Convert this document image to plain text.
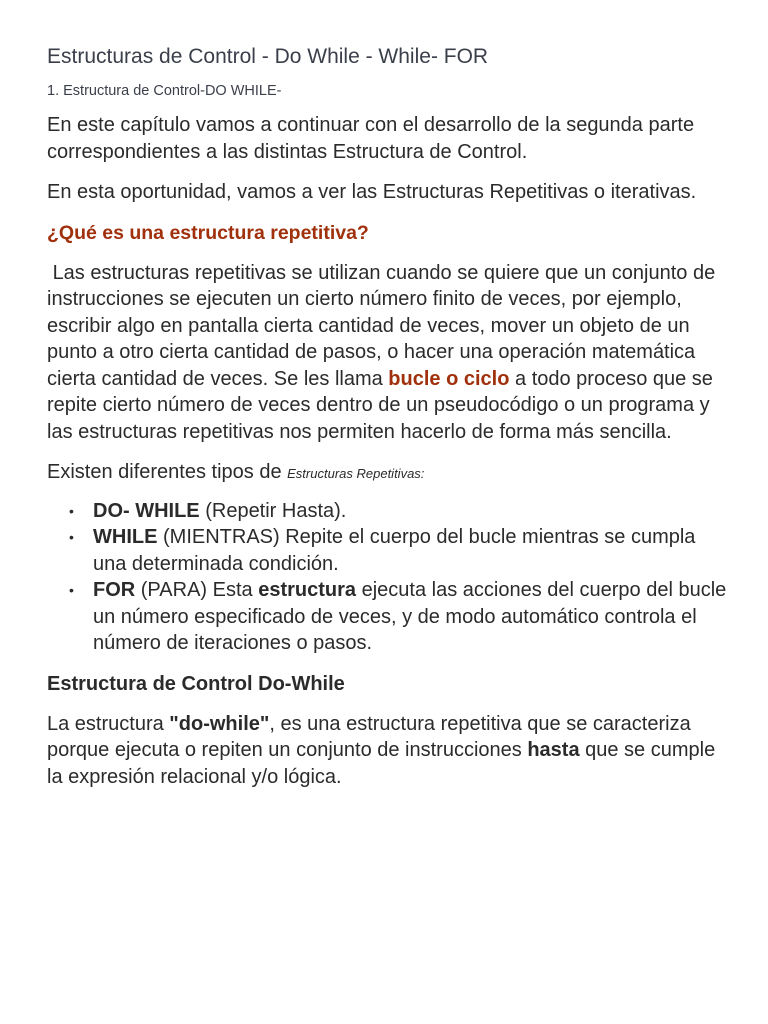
Estructuras de Control - Do While - While- FOR
1. Estructura de Control-DO WHILE-

En este capítulo vamos a continuar con el desarrollo de la segunda parte correspondientes a las distintas Estructura de Control.

En esta oportunidad, vamos a ver las Estructuras Repetitivas o iterativas.

¿Qué es una estructura repetitiva?

Las estructuras repetitivas se utilizan cuando se quiere que un conjunto de instrucciones se ejecuten un cierto número finito de veces, por ejemplo, escribir algo en pantalla cierta cantidad de veces, mover un objeto de un punto a otro cierta cantidad de pasos, o hacer una operación matemática cierta cantidad de veces. Se les llama bucle o ciclo a todo proceso que se repite cierto número de veces dentro de un pseudocódigo o un programa y las estructuras repetitivas nos permiten hacerlo de forma más sencilla.

Existen diferentes tipos de Estructuras Repetitivas:

• DO- WHILE (Repetir Hasta).
• WHILE (MIENTRAS) Repite el cuerpo del bucle mientras se cumpla una determinada condición.
• FOR (PARA) Esta estructura ejecuta las acciones del cuerpo del bucle un número especificado de veces, y de modo automático controla el número de iteraciones o pasos.
Estructura de Control Do-While

La estructura "do-while", es una estructura repetitiva que se caracteriza porque ejecuta o repiten un conjunto de instrucciones hasta que se cumple  la expresión relacional y/o lógica.
